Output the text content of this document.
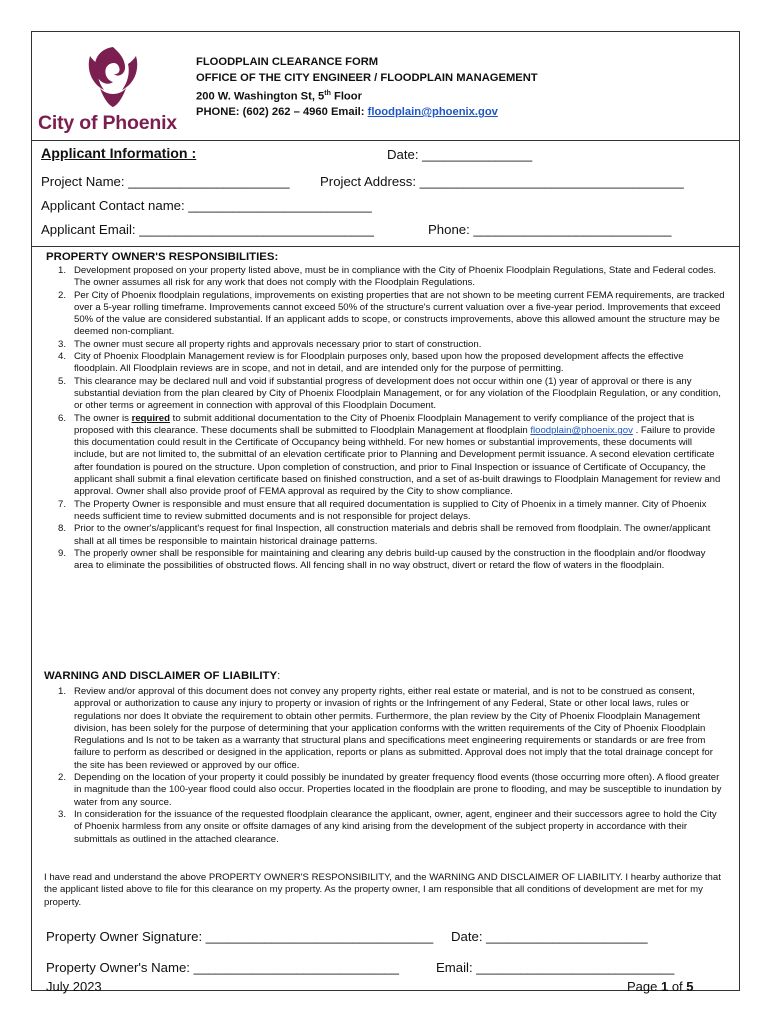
City of Phoenix
FLOODPLAIN CLEARANCE FORM
OFFICE OF THE CITY ENGINEER / FLOODPLAIN MANAGEMENT
200 W. Washington St, 5th Floor
PHONE: (602) 262 – 4960 Email: floodplain@phoenix.gov
Applicant Information :	Date: _______________
Project Name: ______________________ Project Address: ____________________________________
Applicant Contact name: _________________________
Applicant Email: ________________________________	Phone: ___________________________
PROPERTY OWNER'S RESPONSIBILITIES:
1. Development proposed on your property listed above, must be in compliance with the City of Phoenix Floodplain Regulations, State and Federal codes. The owner assumes all risk for any work that does not comply with the Floodplain Regulations.
2. Per City of Phoenix floodplain regulations, improvements on existing properties that are not shown to be meeting current FEMA requirements, are tracked over a 5-year rolling timeframe. Improvements cannot exceed 50% of the structure's current valuation over a five-year period. Improvements that exceed 50% of the value are considered substantial. If an applicant adds to scope, or constructs improvements, above this allowed amount the structure may be deemed non-compliant.
3. The owner must secure all property rights and approvals necessary prior to start of construction.
4. City of Phoenix Floodplain Management review is for Floodplain purposes only, based upon how the proposed development affects the effective floodplain. All Floodplain reviews are in scope, and not in detail, and are intended only for the purpose of permitting.
5. This clearance may be declared null and void if substantial progress of development does not occur within one (1) year of approval or there is any substantial deviation from the plan cleared by City of Phoenix Floodplain Management, or for any violation of the Floodplain Regulation, or any condition, or other terms or agreement in connection with approval of this Floodplain Document.
6. The owner is required to submit additional documentation to the City of Phoenix Floodplain Management to verify compliance of the project that is proposed with this clearance. These documents shall be submitted to Floodplain Management at floodplain floodplain@phoenix.gov . Failure to provide this documentation could result in the Certificate of Occupancy being withheld. For new homes or substantial improvements, these documents will include, but are not limited to, the submittal of an elevation certificate prior to Planning and Development permit issuance. A second elevation certificate after foundation is poured on the structure. Upon completion of construction, and prior to Final Inspection or issuance of Certificate of Occupancy, the applicant shall submit a final elevation certificate based on finished construction, and a set of as-built drawings to Floodplain Management for review and approval. Owner shall also provide proof of FEMA approval as required by the City to show compliance.
7. The Property Owner is responsible and must ensure that all required documentation is supplied to City of Phoenix in a timely manner. City of Phoenix needs sufficient time to review submitted documents and is not responsible for project delays.
8. Prior to the owner's/applicant's request for final Inspection, all construction materials and debris shall be removed from floodplain. The owner/applicant shall at all times be responsible to maintain historical drainage patterns.
9. The properly owner shall be responsible for maintaining and clearing any debris build-up caused by the construction in the floodplain and/or floodway area to eliminate the possibilities of obstructed flows. All fencing shall in no way obstruct, divert or retard the flow of waters in the floodplain.
WARNING AND DISCLAIMER OF LIABILITY:
1. Review and/or approval of this document does not convey any property rights, either real estate or material, and is not to be construed as consent, approval or authorization to cause any injury to property or invasion of rights or the Infringement of any Federal, State or other local laws, rules or regulations nor does It obviate the requirement to obtain other permits. Furthermore, the plan review by the City of Phoenix Floodplain Management division, has been solely for the purpose of determining that your application conforms with the written requirements of the City of Phoenix Floodplain Regulations and Is not to be taken as a warranty that structural plans and specifications meet engineering requirements or standards or are free from failure to perform as described or designed in the application, reports or plans as submitted. Approval does not imply that the total drainage concept for the site has been reviewed or approved by our office.
2. Depending on the location of your property it could possibly be inundated by greater frequency flood events (those occurring more often). A flood greater in magnitude than the 100-year flood could also occur. Properties located in the floodplain are prone to flooding, and may be susceptible to inundation by water from any source.
3. In consideration for the issuance of the requested floodplain clearance the applicant, owner, agent, engineer and their successors agree to hold the City of Phoenix harmless from any onsite or offsite damages of any kind arising from the development of the subject property in accordance with their submittals as outlined in the attached clearance.
I have read and understand the above PROPERTY OWNER'S RESPONSIBILITY, and the WARNING AND DISCLAIMER OF LIABILITY. I hearby authorize that the applicant listed above to file for this clearance on my property. As the property owner, I am responsible that all conditions of development are met for my property.
Property Owner Signature: _______________________________ Date: ______________________
Property Owner's Name: ____________________________	Email: ___________________________
July 2023	Page 1 of 5
